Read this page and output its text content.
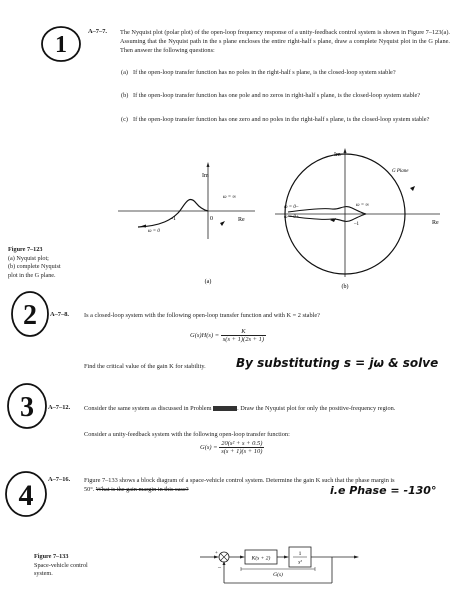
1
A–7–7. The Nyquist plot (polar plot) of the open-loop frequency response of a unity-feedback control system is shown in Figure 7–123(a). Assuming that the Nyquist path in the s plane encloses the entire right-half s plane, draw a complete Nyquist plot in the G plane. Then answer the following questions:
(a) If the open-loop transfer function has no poles in the right-half s plane, is the closed-loop system stable?
(b) If the open-loop transfer function has one pole and no zeros in right-half s plane, is the closed-loop system stable?
(c) If the open-loop transfer function has one zero and no poles in the right-half s plane, is the closed-loop system stable?
Im
Re
–1	0
ω = ∞
ω = 0
(a)
Im
Re
G Plane
–1
ω = 0–
ω = 0+
ω = ∞
(b)
Figure 7–123
(a) Nyquist plot;
(b) complete Nyquist
plot in the G plane.
2 A–7–8. Is a closed-loop system with the following open-loop transfer function and with K = 2 stable?
$G(s)H(s) = \frac{K}{s(s + 1)(2s + 1)}$
Find the critical value of the gain K for stability.	By substituting s = jω & solve
3 A–7–12. Consider the same system as discussed in Problem	. Draw the Nyquist plot for only the positive-frequency region.
Consider a unity-feedback system with the following open-loop transfer function:
$G(s) = \frac{\text{20(s² + s + 0.5)}}{s(s + 1)(s + 10)}$
4 A–7–16. Figure 7–133 shows a block diagram of a space-vehicle control system. Determine the gain K such that the phase margin is 50°. What is the gain margin in this case?	i.e Phase = -130°
K(s + 2)
1
s²
G(s)
+
–
Figure 7–133
Space-vehicle control
system.
